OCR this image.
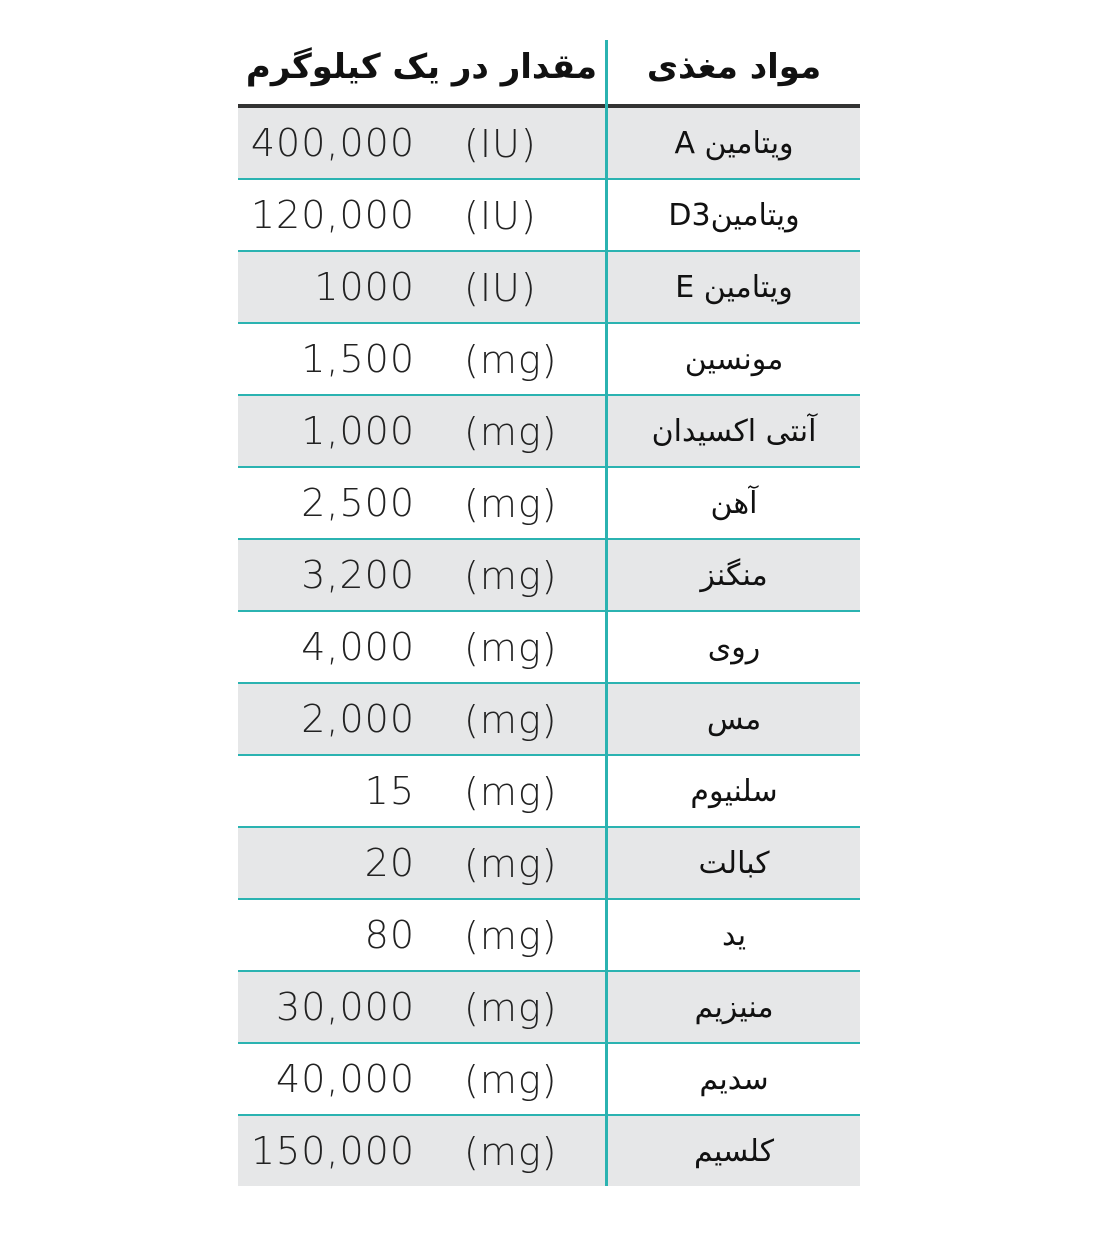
مقدار در یک کیلوگرم	مواد مغذی
400,000 (IU)	ویتامین A
120,000 (IU)	ویتامینD3
1000 (IU)	ویتامین E
1,500 (mg)	مونسین
1,000 (mg)	آنتی اکسیدان
2,500 (mg)	آهن
3,200 (mg)	منگنز
4,000 (mg)	روی
2,000 (mg)	مس
15 (mg)	سلنیوم
20 (mg)	کبالت
80 (mg)	ید
30,000 (mg)	منیزیم
40,000 (mg)	سدیم
150,000 (mg)	کلسیم
